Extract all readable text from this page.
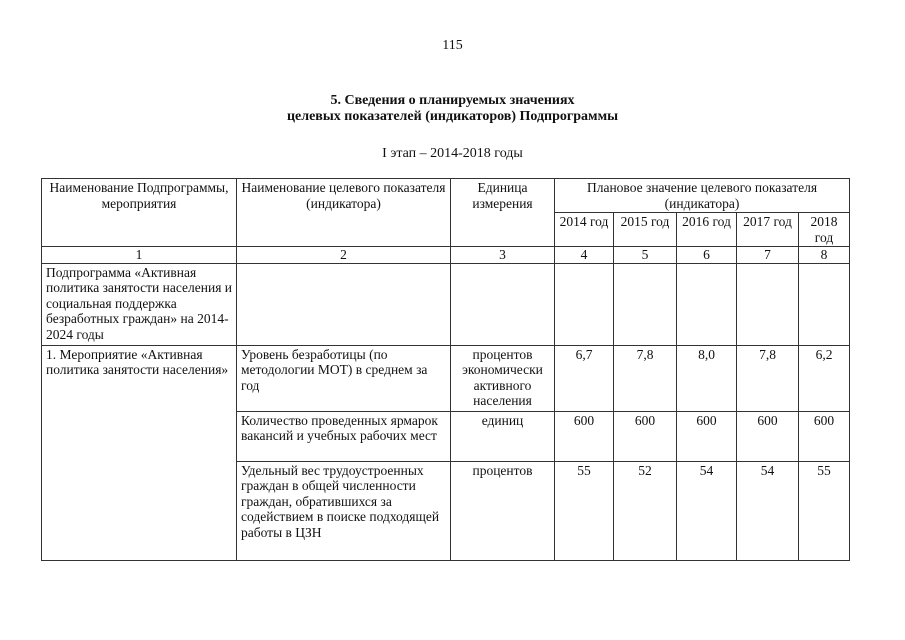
115
5. Сведения о планируемых значениях
целевых показателей (индикаторов) Подпрограммы
I этап – 2014-2018 годы
Наименование Подпрограммы, мероприятия	Наименование целевого показателя (индикатора)	Единица измерения	Плановое значение целевого показателя (индикатора)				
			2014 год	2015 год	2016 год	2017 год	2018 год
1	2	3	4	5	6	7	8
Подпрограмма «Активная политика занятости населения и социальная поддержка безработных граждан» на 2014-2024 годы							
1. Мероприятие «Активная политика занятости населения»	Уровень безработицы (по методологии МОТ) в среднем за год	процентов экономически активного населения	6,7	7,8	8,0	7,8	6,2
	Количество проведенных ярмарок вакансий и учебных рабочих мест	единиц	600	600	600	600	600
	Удельный вес трудоустроенных граждан в общей численности граждан, обратившихся за содействием в поиске подходящей работы в ЦЗН	процентов	55	52	54	54	55
